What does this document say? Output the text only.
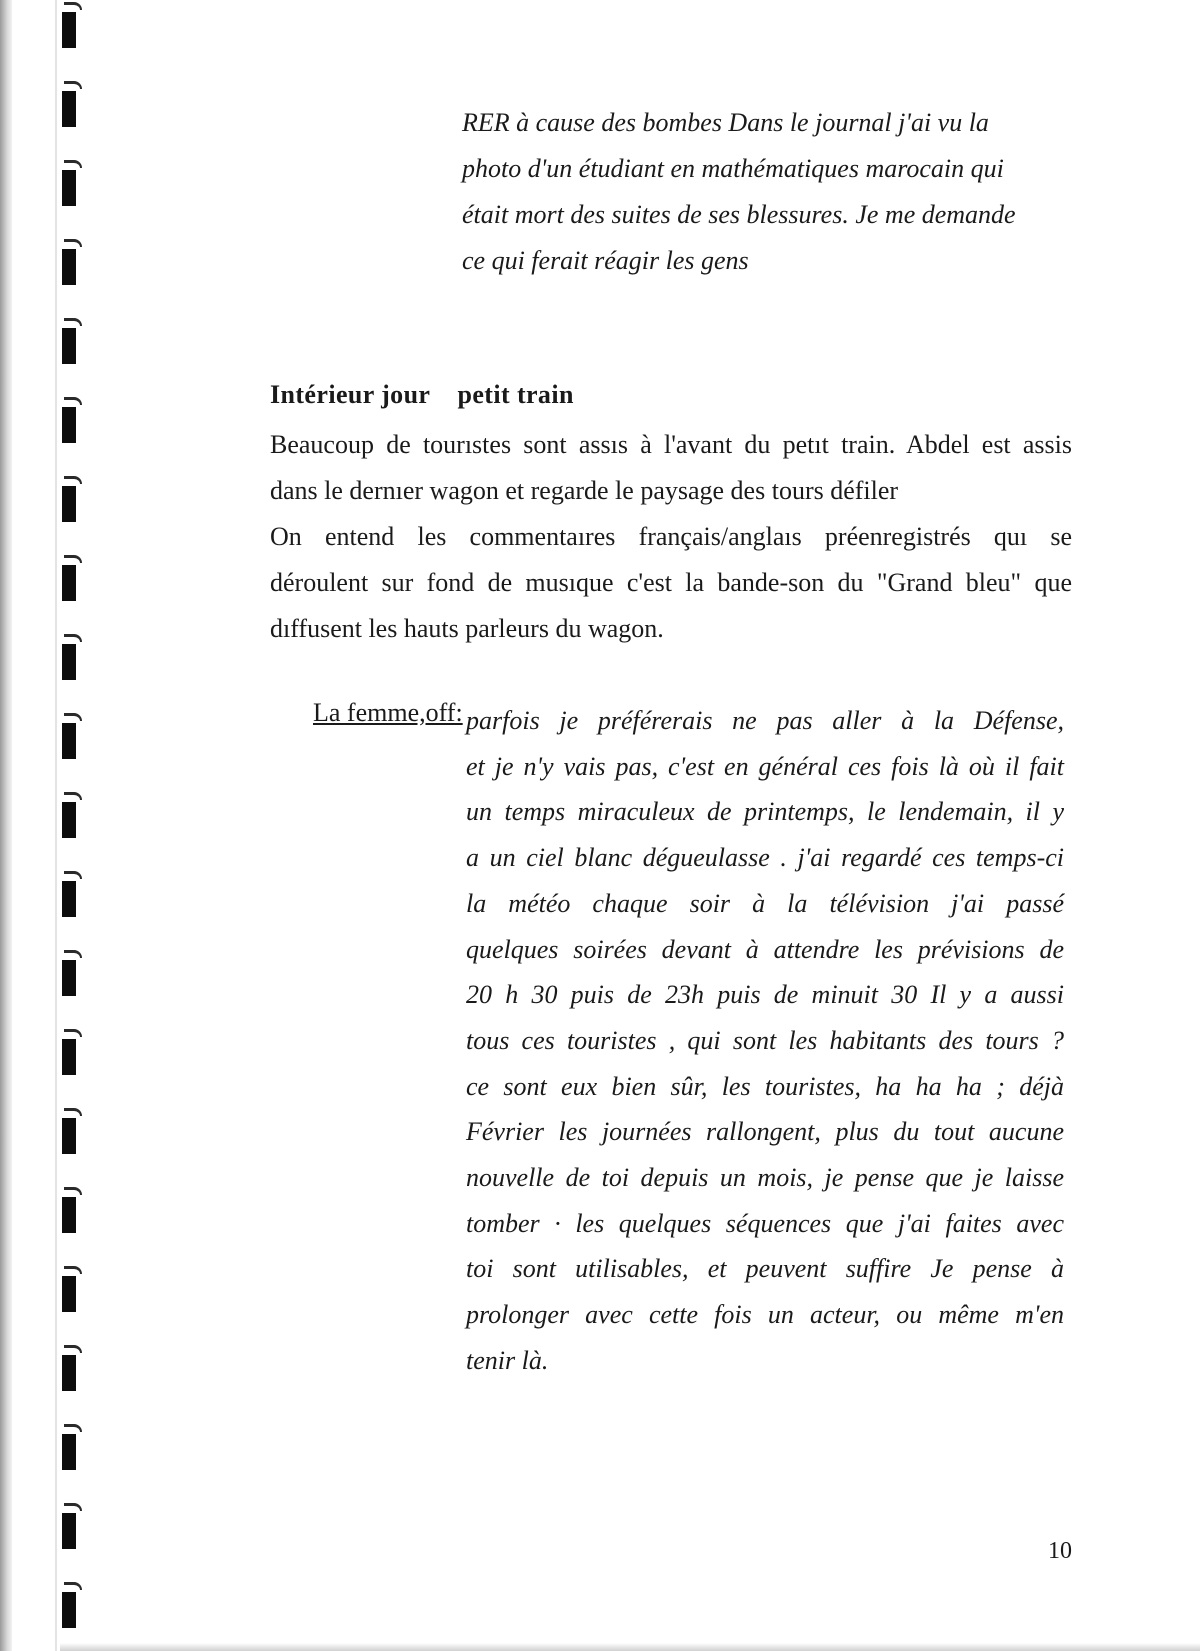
RER à cause des bombes Dans le journal j'ai vu la

photo d'un étudiant en mathématiques marocain qui

était mort des suites de ses blessures. Je me demande

ce qui ferait réagir les gens

Intérieur jour    petit train
Beaucoup de tourıstes sont assıs à l'avant du petıt train. Abdel est assis
dans le dernıer wagon et regarde le paysage des tours défiler
On entend les commentaıres français/anglaıs préenregistrés quı se
déroulent sur fond de musıque c'est la bande-son du "Grand bleu" que
dıffusent les hauts parleurs du wagon.
La femme,off: parfois je préférerais ne pas aller à la Défense,
et je n'y vais pas, c'est en général ces fois là où il fait
un temps miraculeux de printemps, le lendemain, il y
a un ciel blanc dégueulasse . j'ai regardé ces temps-ci
la météo chaque soir à la télévision j'ai passé
quelques soirées devant à attendre les prévisions de
20 h 30 puis de 23h puis de minuit 30 Il y a aussi
tous ces touristes , qui sont les habitants des tours ?
ce sont eux bien sûr, les touristes, ha ha ha ; déjà
Février les journées rallongent, plus du tout aucune
nouvelle de toi depuis un mois, je pense que je laisse
tomber · les quelques séquences que j'ai faites avec
toi sont utilisables, et peuvent suffire Je pense à
prolonger avec cette fois un acteur, ou même m'en
tenir là.
10
